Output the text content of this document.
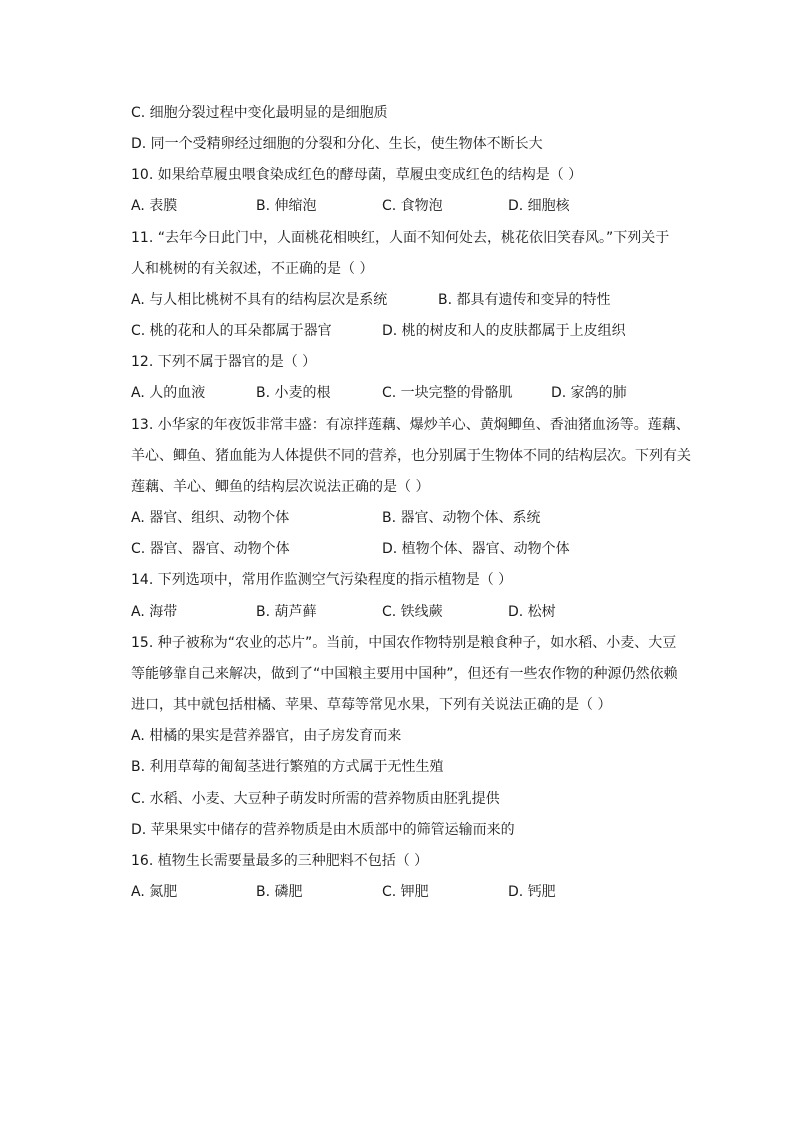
C. 细胞分裂过程中变化最明显的是细胞质
D. 同一个受精卵经过细胞的分裂和分化、生长，使生物体不断长大
10. 如果给草履虫喂食染成红色的酵母菌，草履虫变成红色的结构是（ ）
A. 表膜	B. 伸缩泡	C. 食物泡	D. 细胞核
11. “去年今日此门中，人面桃花相映红，人面不知何处去，桃花依旧笑春风。”下列关于
人和桃树的有关叙述，不正确的是（ ）
A. 与人相比桃树不具有的结构层次是系统	B. 都具有遗传和变异的特性
C. 桃的花和人的耳朵都属于器官	D. 桃的树皮和人的皮肤都属于上皮组织
12. 下列不属于器官的是（ ）
A. 人的血液	B. 小麦的根	C. 一块完整的骨骼肌	D. 家鸽的肺
13. 小华家的年夜饭非常丰盛：有凉拌莲藕、爆炒羊心、黄焖鲫鱼、香油猪血汤等。莲藕、
羊心、鲫鱼、猪血能为人体提供不同的营养，也分别属于生物体不同的结构层次。下列有关
莲藕、羊心、鲫鱼的结构层次说法正确的是（ ）
A. 器官、组织、动物个体	B. 器官、动物个体、系统
C. 器官、器官、动物个体	D. 植物个体、器官、动物个体
14. 下列选项中，常用作监测空气污染程度的指示植物是（ ）
A. 海带	B. 葫芦藓	C. 铁线蕨	D. 松树
15. 种子被称为“农业的芯片”。当前，中国农作物特别是粮食种子，如水稻、小麦、大豆
等能够靠自己来解决，做到了“中国粮主要用中国种”，但还有一些农作物的种源仍然依赖
进口，其中就包括柑橘、苹果、草莓等常见水果，下列有关说法正确的是（ ）
A. 柑橘的果实是营养器官，由子房发育而来
B. 利用草莓的匍匐茎进行繁殖的方式属于无性生殖
C. 水稻、小麦、大豆种子萌发时所需的营养物质由胚乳提供
D. 苹果果实中储存的营养物质是由木质部中的筛管运输而来的
16. 植物生长需要量最多的三种肥料不包括（ ）
A. 氮肥	B. 磷肥	C. 钾肥	D. 钙肥
